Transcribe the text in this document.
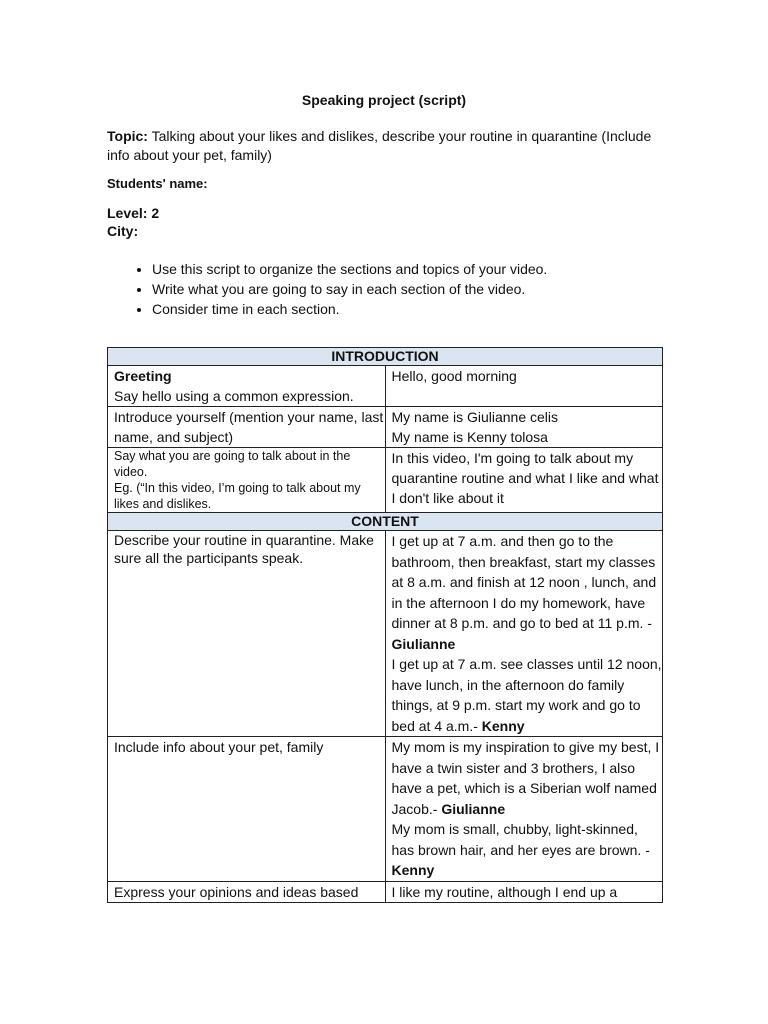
Speaking project (script)
Topic: Talking about your likes and dislikes, describe your routine in quarantine (Include info about your pet, family)
Students' name:
Level: 2
City:
• Use this script to organize the sections and topics of your video.
• Write what you are going to say in each section of the video.
• Consider time in each section.
INTRODUCTION	

Greeting
Say hello using a common expression.	Hello, good morning
Introduce yourself (mention your name, last name, and subject)	My name is Giulianne celis
My name is Kenny tolosa

Say what you are going to talk about in the video.
Eg. (“In this video, I’m going to talk about my likes and dislikes.	In this video, I'm going to talk about my quarantine routine and what I like and what I don't like about it
CONTENT	
Describe your routine in quarantine. Make sure all the participants speak.	I get up at 7 a.m. and then go to the bathroom, then breakfast, start my classes at 8 a.m. and finish at 12 noon , lunch, and in the afternoon I do my homework, have dinner at 8 p.m. and go to bed at 11 p.m. -Giulianne
I get up at 7 a.m. see classes until 12 noon, have lunch, in the afternoon do family things, at 9 p.m. start my work and go to bed at 4 a.m.- Kenny

Include info about your pet, family	My mom is my inspiration to give my best, I have a twin sister and 3 brothers, I also have a pet, which is a Siberian wolf named Jacob.- Giulianne
My mom is small, chubby, light-skinned, has brown hair, and her eyes are brown. - Kenny

Express your opinions and ideas based	I like my routine, although I end up a
